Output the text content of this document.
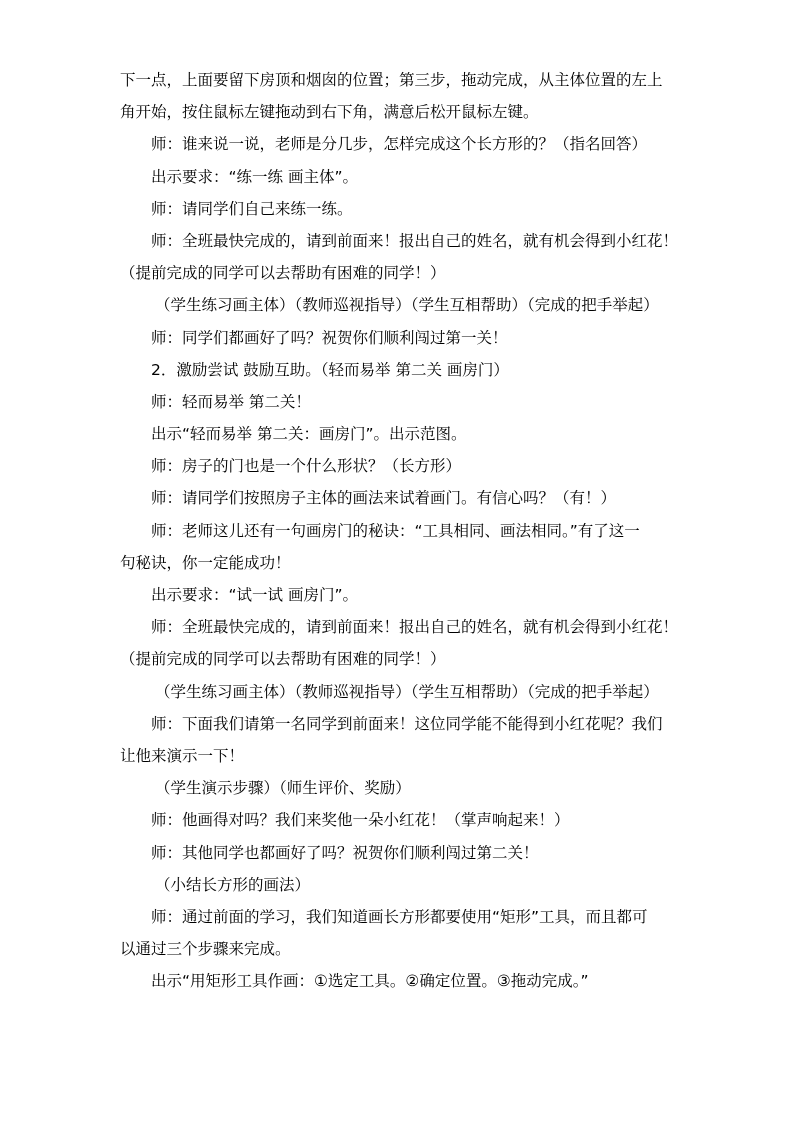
下一点，上面要留下房顶和烟囱的位置；第三步，拖动完成，从主体位置的左上
角开始，按住鼠标左键拖动到右下角，满意后松开鼠标左键。
师：谁来说一说，老师是分几步，怎样完成这个长方形的？（指名回答）
出示要求：“练一练 画主体”。
师：请同学们自己来练一练。
师：全班最快完成的，请到前面来！报出自己的姓名，就有机会得到小红花！
（提前完成的同学可以去帮助有困难的同学！）
（学生练习画主体）（教师巡视指导）（学生互相帮助）（完成的把手举起）
师：同学们都画好了吗？祝贺你们顺利闯过第一关！
2．激励尝试 鼓励互助。（轻而易举 第二关 画房门）
师：轻而易举 第二关！
出示“轻而易举 第二关：画房门”。出示范图。
师：房子的门也是一个什么形状？（长方形）
师：请同学们按照房子主体的画法来试着画门。有信心吗？（有！）
师：老师这儿还有一句画房门的秘诀：“工具相同、画法相同。”有了这一
句秘诀，你一定能成功！
出示要求：“试一试 画房门”。
师：全班最快完成的，请到前面来！报出自己的姓名，就有机会得到小红花！
（提前完成的同学可以去帮助有困难的同学！）
（学生练习画主体）（教师巡视指导）（学生互相帮助）（完成的把手举起）
师：下面我们请第一名同学到前面来！这位同学能不能得到小红花呢？我们
让他来演示一下！
（学生演示步骤）（师生评价、奖励）
师：他画得对吗？我们来奖他一朵小红花！（掌声响起来！）
师：其他同学也都画好了吗？祝贺你们顺利闯过第二关！
（小结长方形的画法）
师：通过前面的学习，我们知道画长方形都要使用“矩形”工具，而且都可
以通过三个步骤来完成。
出示“用矩形工具作画：①选定工具。②确定位置。③拖动完成。”
